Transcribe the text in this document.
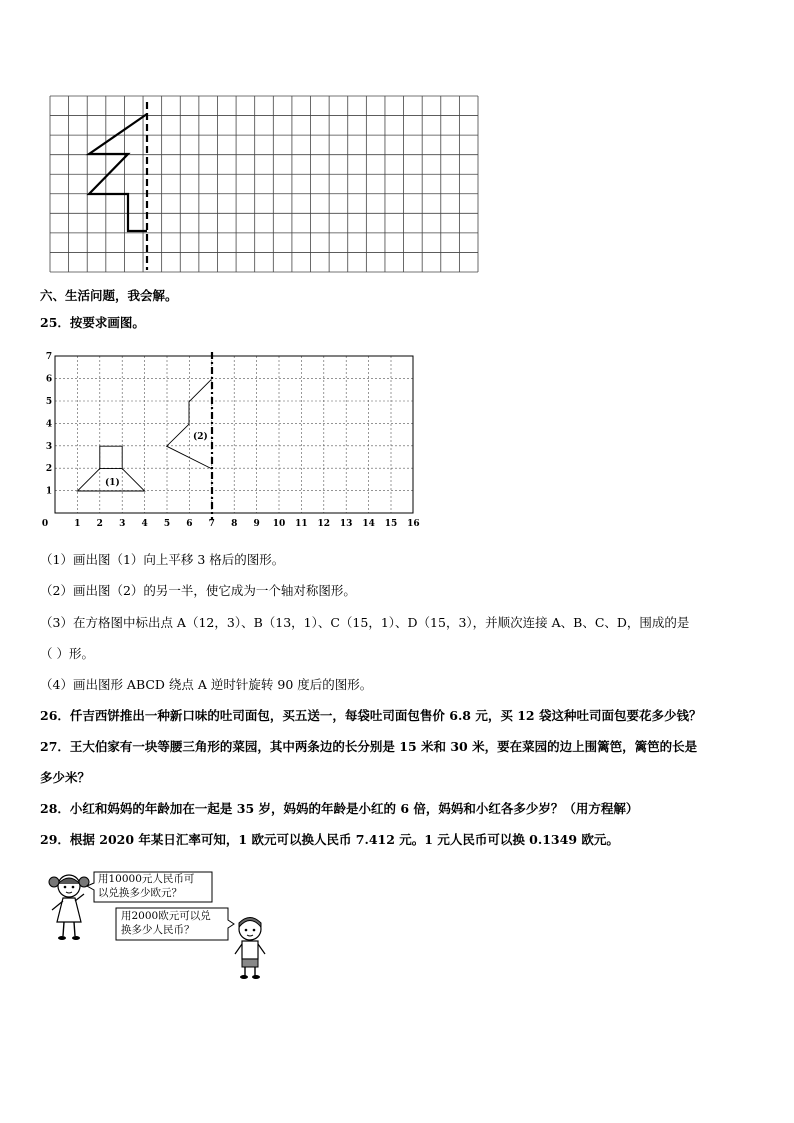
六、生活问题，我会解。
25．按要求画图。
0	1 2 3 4 5 6 7 8 9 10 11 12 13 14 15 16
1
2
3
4
5
6
7
(1)
(2)
（1）画出图（1）向上平移 3 格后的图形。
（2）画出图（2）的另一半，使它成为一个轴对称图形。
（3）在方格图中标出点 A（12，3）、B（13，1）、C（15，1）、D（15，3），并顺次连接 A、B、C、D，围成的是
（ ）形。
（4）画出图形 ABCD 绕点 A 逆时针旋转 90 度后的图形。
26．仟吉西饼推出一种新口味的吐司面包，买五送一，每袋吐司面包售价 6.8 元，买 12 袋这种吐司面包要花多少钱？
27．王大伯家有一块等腰三角形的菜园，其中两条边的长分别是 15 米和 30 米，要在菜园的边上围篱笆，篱笆的长是
多少米？
28．小红和妈妈的年龄加在一起是 35 岁，妈妈的年龄是小红的 6 倍，妈妈和小红各多少岁？（用方程解）
29．根据 2020 年某日汇率可知，1 欧元可以换人民币 7.412 元。1 元人民币可以换 0.1349 欧元。
用10000元人民币可
以兑换多少欧元？
用2000欧元可以兑
换多少人民币？
